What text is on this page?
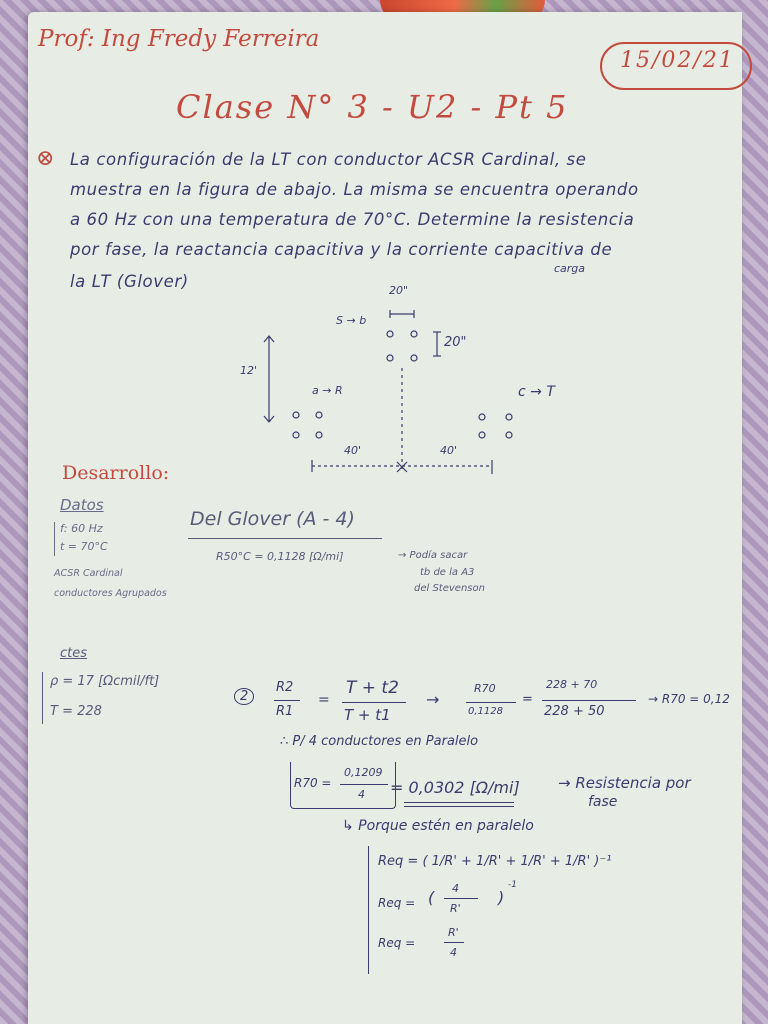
Prof: Ing Fredy Ferreira

15/02/21

Clase N° 3 - U2 - Pt 5

⊗ La configuración de la LT con conductor ACSR Cardinal, se

muestra en la figura de abajo. La misma se encuentra operando

a 60 Hz con una temperatura de 70°C. Determine la resistencia

por fase, la reactancia capacitiva y la corriente capacitiva de

carga

la LT (Glover)	20"

20"

12'

S → b

a → R	c → T

40'	40'

Desarrollo:

Datos

f: 60 Hz

t = 70°C

ACSR Cardinal

conductores Agrupados

Del Glover (A - 4)

R50°C = 0,1128 [Ω/mi]	→ Podía sacar

tb de la A3

del Stevenson

ctes

ρ = 17 [Ωcmil/ft]

T = 228

2

R2

R1

=

T + t2

T + t1

→

R70

0,1128

=

228 + 70

228 + 50

→ R70 = 0,12

∴ P/ 4 conductores en Paralelo

R70 =

0,1209

4 = 0,0302 [Ω/mi]	→ Resistencia por

fase

↳ Porque estén en paralelo

Req = ( 1/R' + 1/R' + 1/R' + 1/R' )⁻¹

Req = ( 4

R'

)

-1

Req =

R'

4
